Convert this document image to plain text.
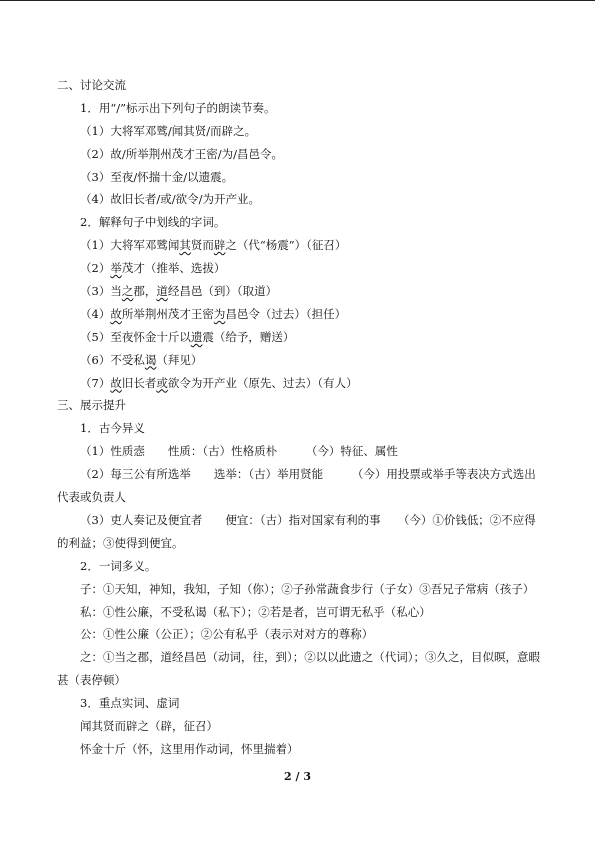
二、讨论交流
1．用“/”标示出下列句子的朗读节奏。
（1）大将军邓骘/闻其贤/而辟之。
（2）故/所举荆州茂才王密/为/昌邑令。
（3）至夜/怀揣十金/以遗震。
（4）故旧长者/或/欲令/为开产业。
2．解释句子中划线的字词。
（1）大将军邓骘闻其贤而辟之（代“杨震”）（征召）
（2）举茂才（推举、选拔）
（3）当之郡，道经昌邑（到）（取道）
（4）故所举荆州茂才王密为昌邑令（过去）（担任）
（5）至夜怀金十斤以遗震（给予，赠送）
（6）不受私谒（拜见）
（7）故旧长者或欲令为开产业（原先、过去）（有人）
三、展示提升
1．古今异义
（1）性质悫　　性质：（古）性格质朴　　　（今）特征、属性
（2）每三公有所选举　　选举：（古）举用贤能　　　（今）用投票或举手等表决方式选出代表或负责人
（3）吏人奏记及便宜者　　便宜：（古）指对国家有利的事　　（今）①价钱低；②不应得的利益；③使得到便宜。
2．一词多义。
子：①天知，神知，我知，子知（你）；②子孙常蔬食步行（子女）③吾兄子常病（孩子）
私：①性公廉，不受私谒（私下）；②若是者，岂可谓无私乎（私心）
公：①性公廉（公正）；②公有私乎（表示对对方的尊称）
之：①当之郡，道经昌邑（动词，往，到）；②以以此遗之（代词）；③久之，目似暝，意暇甚（表停顿）
3．重点实词、虚词
闻其贤而辟之（辟，征召）
怀金十斤（怀，这里用作动词，怀里揣着）
2 / 3
